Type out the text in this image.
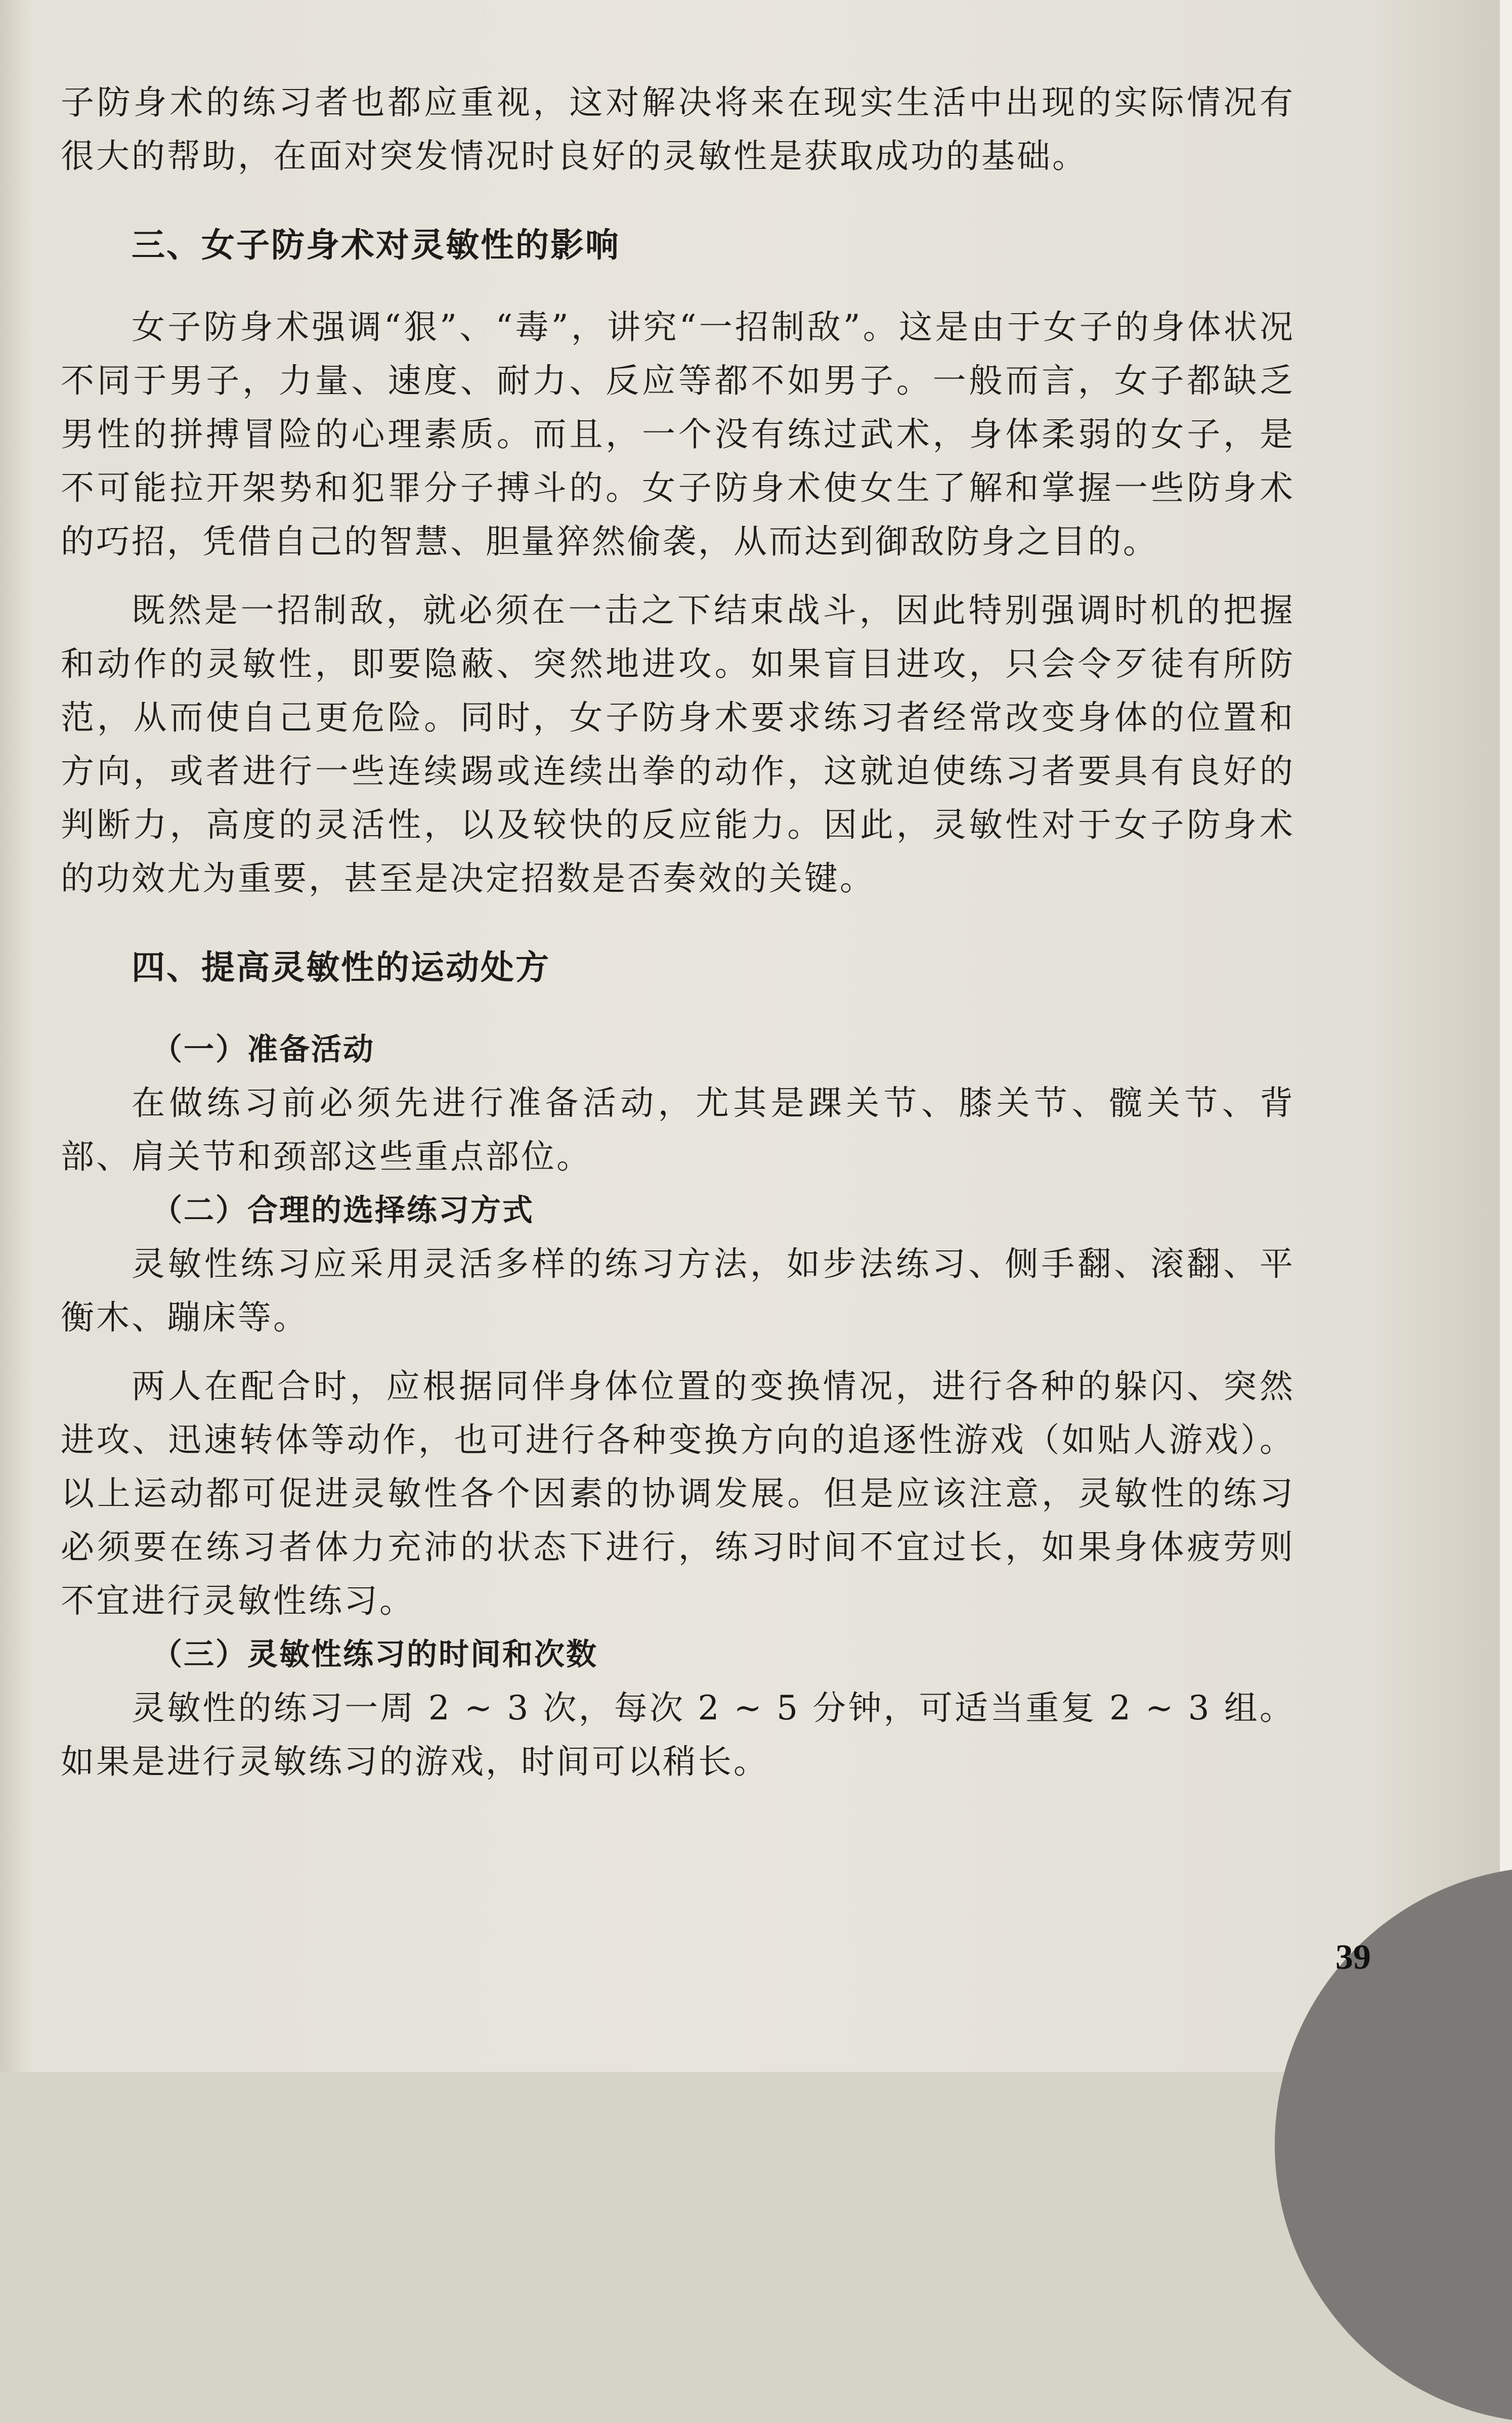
子防身术的练习者也都应重视，这对解决将来在现实生活中出现的实际情况有很大的帮助，在面对突发情况时良好的灵敏性是获取成功的基础。

三、女子防身术对灵敏性的影响

女子防身术强调“狠”、“毒”，讲究“一招制敌”。这是由于女子的身体状况不同于男子，力量、速度、耐力、反应等都不如男子。一般而言，女子都缺乏男性的拼搏冒险的心理素质。而且，一个没有练过武术，身体柔弱的女子，是不可能拉开架势和犯罪分子搏斗的。女子防身术使女生了解和掌握一些防身术的巧招，凭借自己的智慧、胆量猝然偷袭，从而达到御敌防身之目的。

既然是一招制敌，就必须在一击之下结束战斗，因此特别强调时机的把握和动作的灵敏性，即要隐蔽、突然地进攻。如果盲目进攻，只会令歹徒有所防范，从而使自己更危险。同时，女子防身术要求练习者经常改变身体的位置和方向，或者进行一些连续踢或连续出拳的动作，这就迫使练习者要具有良好的判断力，高度的灵活性，以及较快的反应能力。因此，灵敏性对于女子防身术的功效尤为重要，甚至是决定招数是否奏效的关键。

四、提高灵敏性的运动处方

（一）准备活动

在做练习前必须先进行准备活动，尤其是踝关节、膝关节、髋关节、背部、肩关节和颈部这些重点部位。

（二）合理的选择练习方式

灵敏性练习应采用灵活多样的练习方法，如步法练习、侧手翻、滚翻、平衡木、蹦床等。

两人在配合时，应根据同伴身体位置的变换情况，进行各种的躲闪、突然进攻、迅速转体等动作，也可进行各种变换方向的追逐性游戏（如贴人游戏）。以上运动都可促进灵敏性各个因素的协调发展。但是应该注意，灵敏性的练习必须要在练习者体力充沛的状态下进行，练习时间不宜过长，如果身体疲劳则不宜进行灵敏性练习。

（三）灵敏性练习的时间和次数

灵敏性的练习一周 2 ~ 3 次，每次 2 ~ 5 分钟，可适当重复 2 ~ 3 组。如果是进行灵敏练习的游戏，时间可以稍长。

39
